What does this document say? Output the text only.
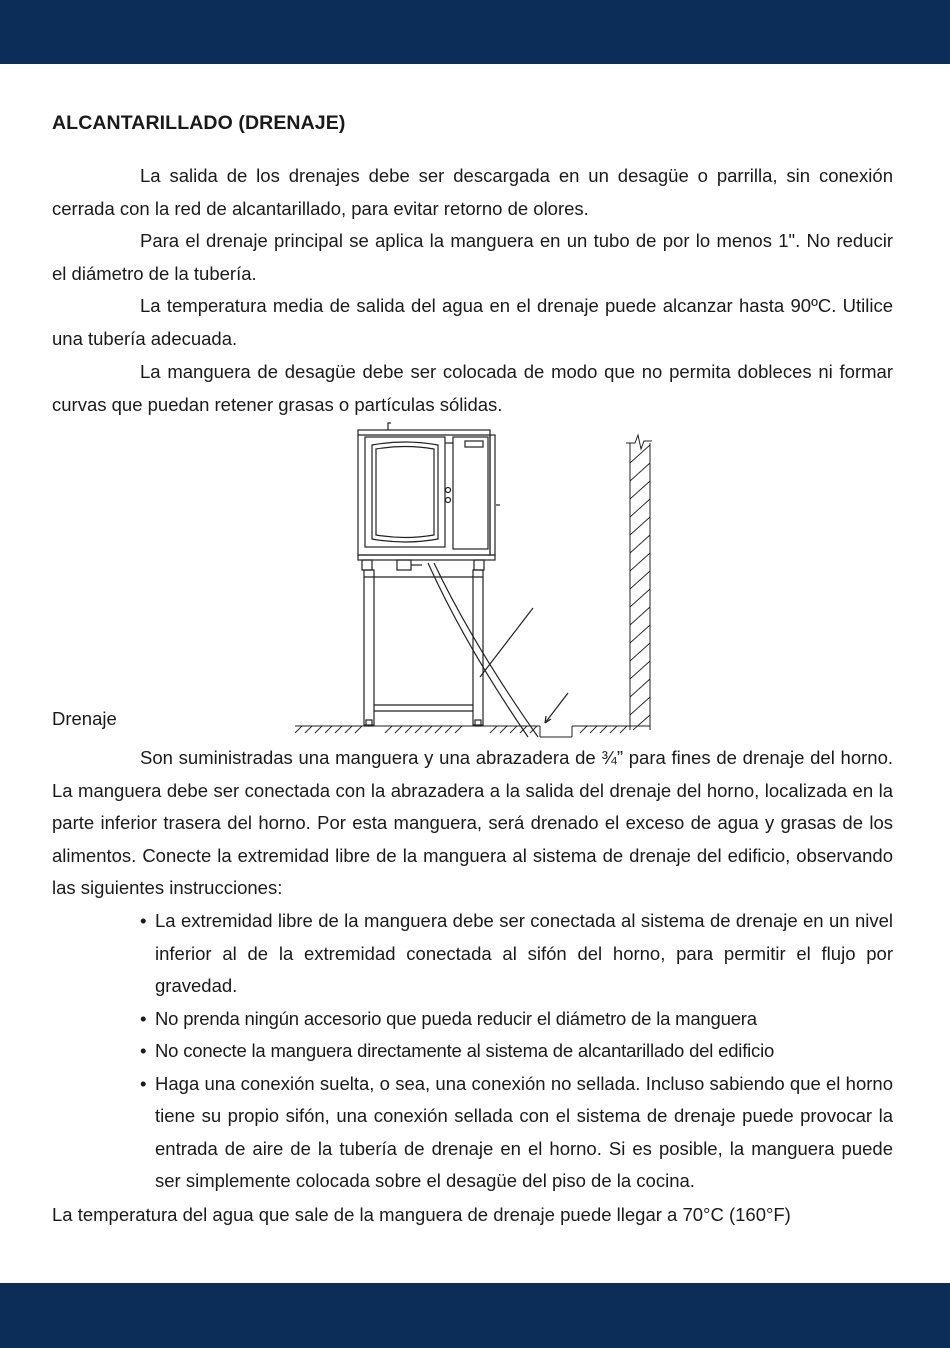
ALCANTARILLADO (DRENAJE)

La salida de los drenajes debe ser descargada en un desagüe o parrilla, sin conexión cerrada con la red de alcantarillado, para evitar retorno de olores.

Para el drenaje principal se aplica la manguera en un tubo de por lo menos 1". No reducir el diámetro de la tubería.

La temperatura media de salida del agua en el drenaje puede alcanzar hasta 90ºC. Utilice una tubería adecuada.

La manguera de desagüe debe ser colocada de modo que no permita dobleces ni formar curvas que puedan retener grasas o partículas sólidas.

Drenaje

Son suministradas una manguera y una abrazadera de ¾” para fines de drenaje del horno. La manguera debe ser conectada con la abrazadera a la salida del drenaje del horno, localizada en la parte inferior trasera del horno. Por esta manguera, será drenado el exceso de agua y grasas de los alimentos. Conecte la extremidad libre de la manguera al sistema de drenaje del edificio, observando las siguientes instrucciones:

• La extremidad libre de la manguera debe ser conectada al sistema de drenaje en un nivel inferior al de la extremidad conectada al sifón del horno, para permitir el flujo por gravedad.
• No prenda ningún accesorio que pueda reducir el diámetro de la manguera
• No conecte la manguera directamente al sistema de alcantarillado del edificio
• Haga una conexión suelta, o sea, una conexión no sellada. Incluso sabiendo que el horno tiene su propio sifón, una conexión sellada con el sistema de drenaje puede provocar la entrada de aire de la tubería de drenaje en el horno. Si es posible, la manguera puede ser simplemente colocada sobre el desagüe del piso de la cocina.

La temperatura del agua que sale de la manguera de drenaje puede llegar a 70°C (160°F)
